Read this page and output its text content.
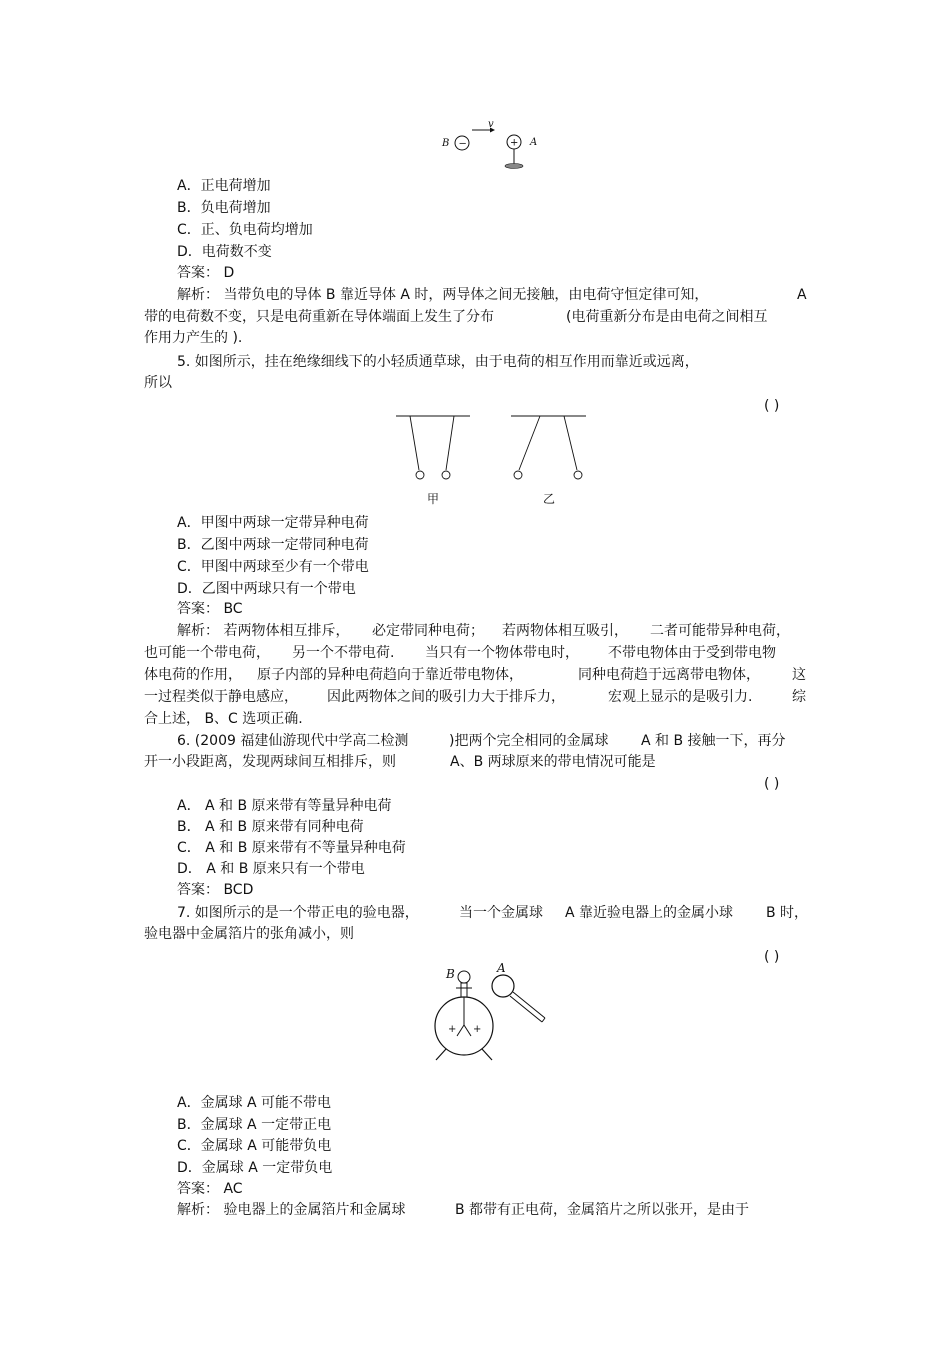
B −
v
+ A
A．正电荷增加
B．负电荷增加
C．正、负电荷均增加
D．电荷数不变
答案： D
解析： 当带负电的导体 B 靠近导体 A 时，两导体之间无接触，由电荷守恒定律可知，	A
带的电荷数不变，只是电荷重新在导体端面上发生了分布	(电荷重新分布是由电荷之间相互
作用力产生的 ).
5. 如图所示，挂在绝缘细线下的小轻质通草球，由于电荷的相互作用而靠近或远离，
所以
( )
甲	乙
A．甲图中两球一定带异种电荷
B．乙图中两球一定带同种电荷
C．甲图中两球至少有一个带电
D．乙图中两球只有一个带电
答案： BC
解析： 若两物体相互排斥， 必定带同种电荷； 若两物体相互吸引， 二者可能带异种电荷，
也可能一个带电荷， 另一个不带电荷. 当只有一个物体带电时， 不带电物体由于受到带电物
体电荷的作用， 原子内部的异种电荷趋向于靠近带电物体，	同种电荷趋于远离带电物体， 这
一过程类似于静电感应， 因此两物体之间的吸引力大于排斥力，	宏观上显示的是吸引力.	综
合上述， B、C 选项正确.
6. (2009 福建仙游现代中学高二检测	)把两个完全相同的金属球 A 和 B 接触一下，再分
开一小段距离，发现两球间互相排斥，则	A、B 两球原来的带电情况可能是
( )
A． A 和 B 原来带有等量异种电荷
B． A 和 B 原来带有同种电荷
C． A 和 B 原来带有不等量异种电荷
D． A 和 B 原来只有一个带电
答案： BCD
7. 如图所示的是一个带正电的验电器，	当一个金属球 A 靠近验电器上的金属小球 B 时，
验电器中金属箔片的张角减小，则
( )
B
+ +
A
A．金属球 A 可能不带电
B．金属球 A 一定带正电
C．金属球 A 可能带负电
D．金属球 A 一定带负电
答案： AC
解析： 验电器上的金属箔片和金属球	B 都带有正电荷，金属箔片之所以张开，是由于
